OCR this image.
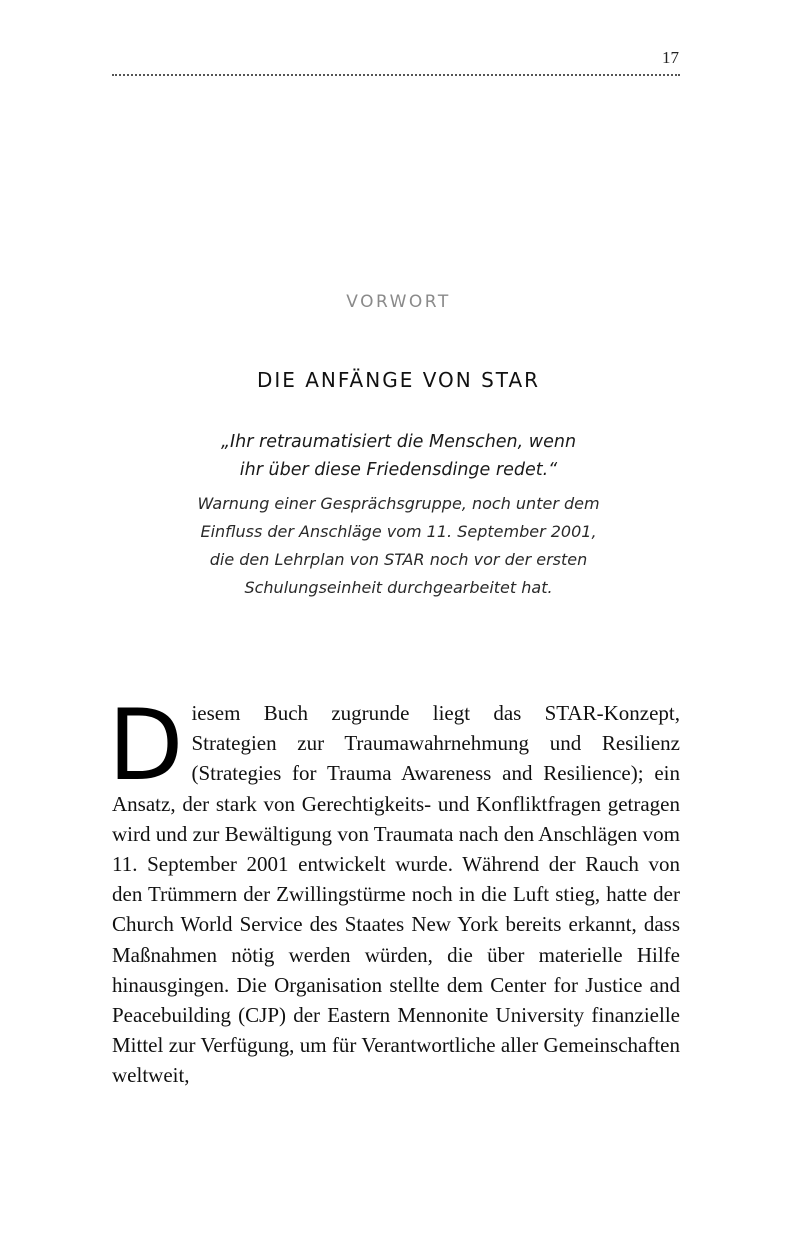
17
VORWORT
DIE ANFÄNGE VON STAR
„Ihr retraumatisiert die Menschen, wenn
ihr über diese Friedensdinge redet.“
Warnung einer Gesprächsgruppe, noch unter dem
Einfluss der Anschläge vom 11. September 2001,
die den Lehrplan von STAR noch vor der ersten
Schulungseinheit durchgearbeitet hat.

Diesem Buch zugrunde liegt das STAR-Konzept, Strategien zur Traumawahrnehmung und Resilienz (Strategies for Trauma Awareness and Resilience); ein Ansatz, der stark von Gerechtigkeits- und Konfliktfragen getragen wird und zur Bewältigung von Traumata nach den Anschlägen vom 11. September 2001 entwickelt wurde. Während der Rauch von den Trümmern der Zwillingstürme noch in die Luft stieg, hatte der Church World Service des Staates New York bereits erkannt, dass Maßnahmen nötig werden würden, die über materielle Hilfe hinausgingen. Die Organisation stellte dem Center for Justice and Peacebuilding (CJP) der Eastern Mennonite University finanzielle Mittel zur Verfügung, um für Verantwortliche aller Gemeinschaften weltweit,
